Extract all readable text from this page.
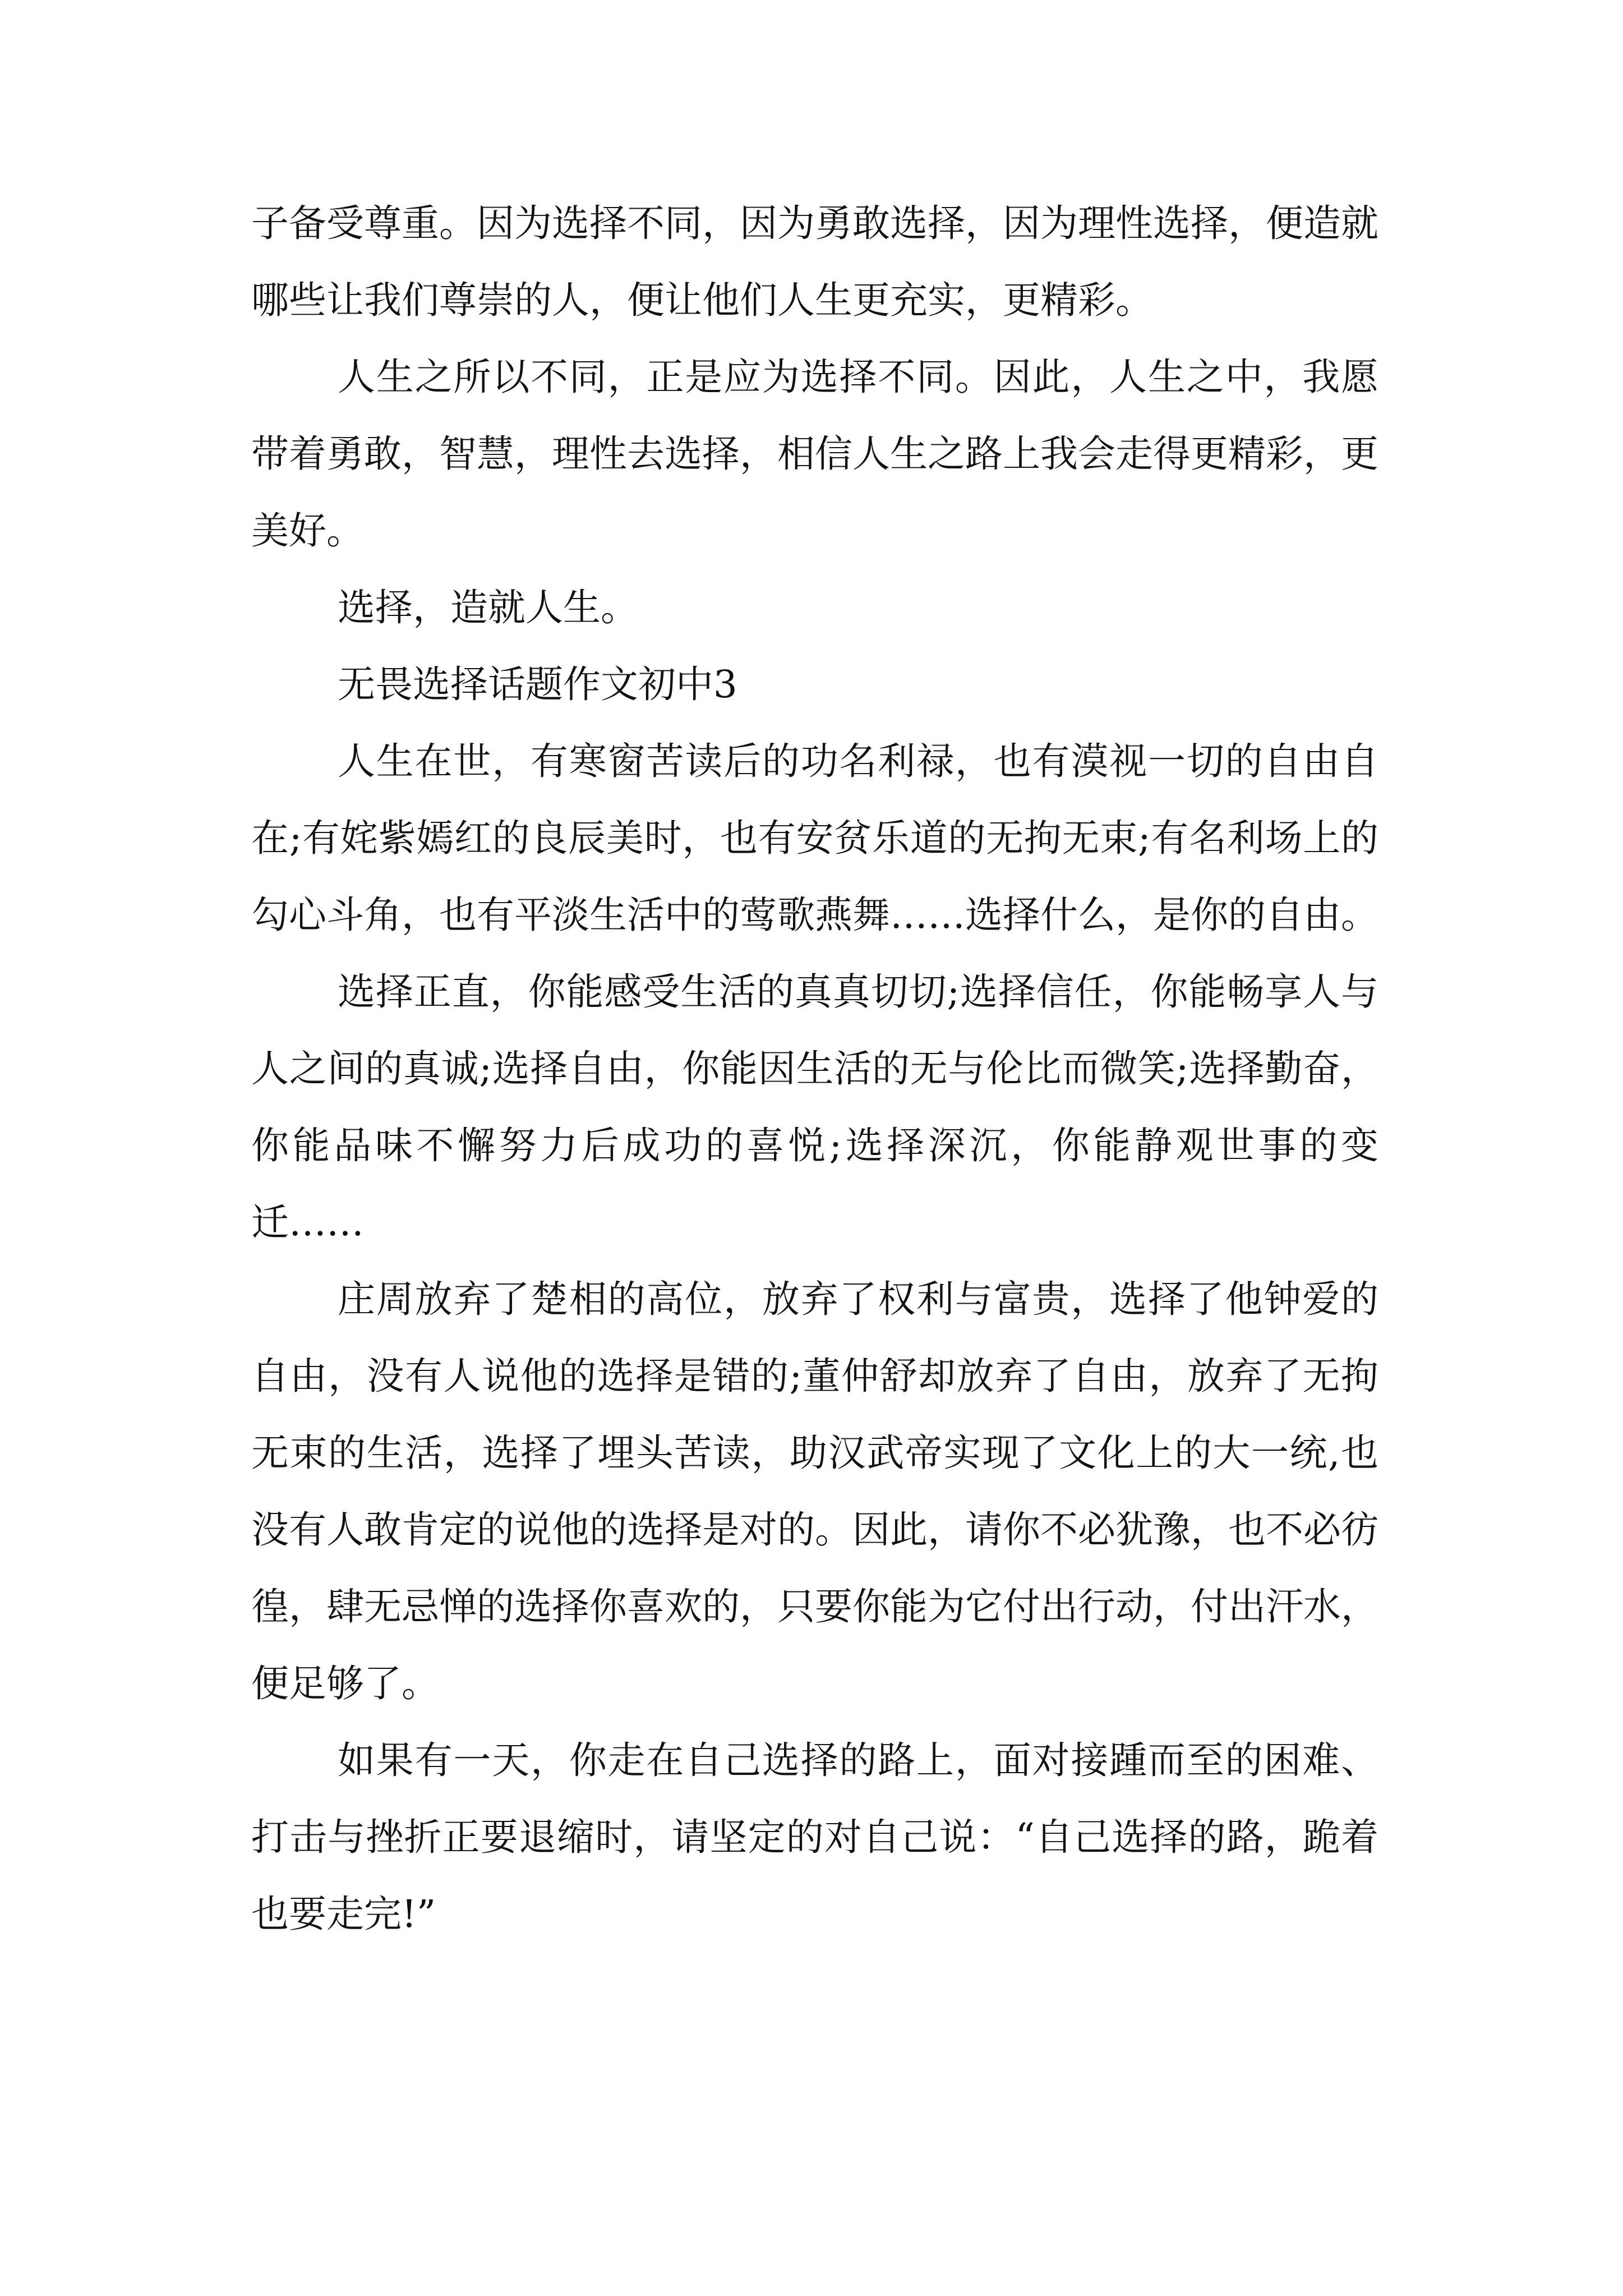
子备受尊重。因为选择不同，因为勇敢选择，因为理性选择，便造就哪些让我们尊崇的人，便让他们人生更充实，更精彩。

人生之所以不同，正是应为选择不同。因此，人生之中，我愿带着勇敢，智慧，理性去选择，相信人生之路上我会走得更精彩，更美好。

选择，造就人生。

无畏选择话题作文初中3

人生在世，有寒窗苦读后的功名利禄，也有漠视一切的自由自在;有姹紫嫣红的良辰美时，也有安贫乐道的无拘无束;有名利场上的勾心斗角，也有平淡生活中的莺歌燕舞……选择什么，是你的自由。

选择正直，你能感受生活的真真切切;选择信任，你能畅享人与人之间的真诚;选择自由，你能因生活的无与伦比而微笑;选择勤奋，你能品味不懈努力后成功的喜悦;选择深沉，你能静观世事的变迁……

庄周放弃了楚相的高位，放弃了权利与富贵，选择了他钟爱的自由，没有人说他的选择是错的;董仲舒却放弃了自由，放弃了无拘无束的生活，选择了埋头苦读，助汉武帝实现了文化上的大一统,也没有人敢肯定的说他的选择是对的。因此，请你不必犹豫，也不必彷徨，肆无忌惮的选择你喜欢的，只要你能为它付出行动，付出汗水，便足够了。

如果有一天，你走在自己选择的路上，面对接踵而至的困难、打击与挫折正要退缩时，请坚定的对自己说：“自己选择的路，跪着也要走完!”
